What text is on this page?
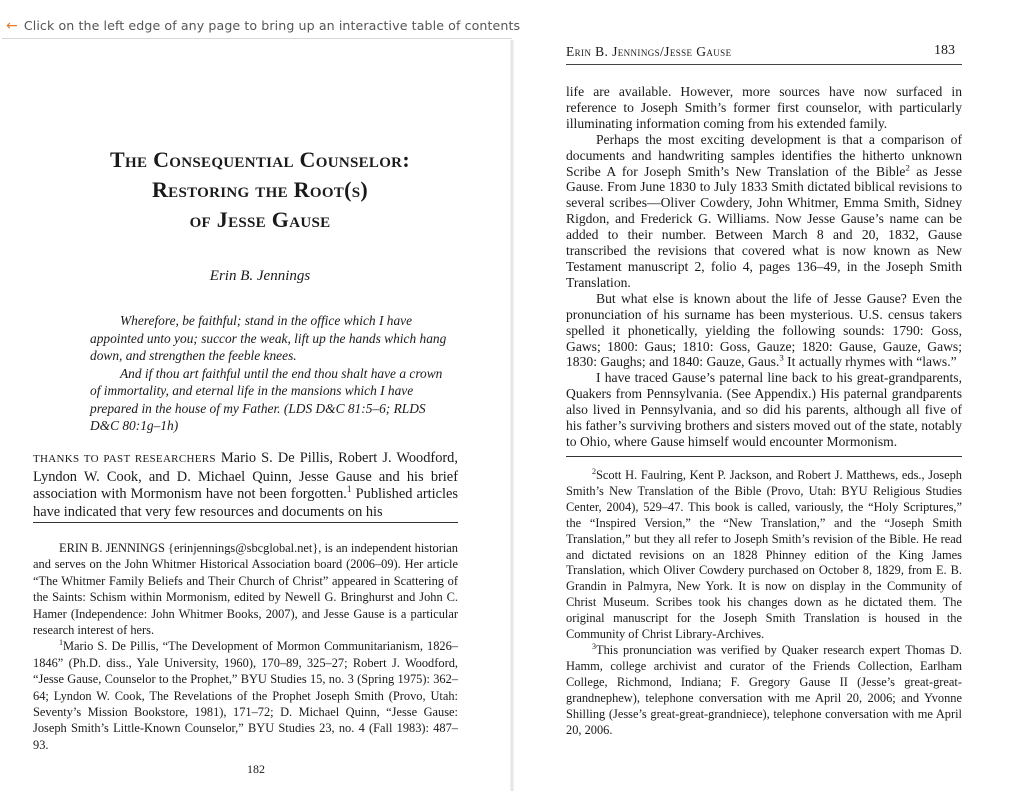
← Click on the left edge of any page to bring up an interactive table of contents
The Consequential Counselor:
Restoring the Root(s)
of Jesse Gause
Erin B. Jennings

Wherefore, be faithful; stand in the office which I have appointed unto you; succor the weak, lift up the hands which hang down, and strengthen the feeble knees.

And if thou art faithful until the end thou shalt have a crown of immortality, and eternal life in the mansions which I have prepared in the house of my Father. (LDS D&C 81:5–6; RLDS D&C 80:1g–1h)

THANKS TO PAST RESEARCHERS Mario S. De Pillis, Robert J. Woodford, Lyndon W. Cook, and D. Michael Quinn, Jesse Gause and his brief association with Mormonism have not been forgotten.$^1$ Published articles have indicated that very few resources and documents on his

ERIN B. JENNINGS {erinjennings@sbcglobal.net}, is an independent historian and serves on the John Whitmer Historical Association board (2006–09). Her article “The Whitmer Family Beliefs and Their Church of Christ” appeared in Scattering of the Saints: Schism within Mormonism, edited by Newell G. Bringhurst and John C. Hamer (Independence: John Whitmer Books, 2007), and Jesse Gause is a particular research interest of hers.

$^1$Mario S. De Pillis, “The Development of Mormon Communitarianism, 1826–1846” (Ph.D. diss., Yale University, 1960), 170–89, 325–27; Robert J. Woodford, “Jesse Gause, Counselor to the Prophet,” BYU Studies 15, no. 3 (Spring 1975): 362–64; Lyndon W. Cook, The Revelations of the Prophet Joseph Smith (Provo, Utah: Seventy’s Mission Bookstore, 1981), 171–72; D. Michael Quinn, “Jesse Gause: Joseph Smith’s Little-Known Counselor,” BYU Studies 23, no. 4 (Fall 1983): 487–93.

182
Erin B. Jennings/Jesse Gause	183

life are available. However, more sources have now surfaced in reference to Joseph Smith’s former first counselor, with particularly illuminating information coming from his extended family.

Perhaps the most exciting development is that a comparison of documents and handwriting samples identifies the hitherto unknown Scribe A for Joseph Smith’s New Translation of the Bible$^2$ as Jesse Gause. From June 1830 to July 1833 Smith dictated biblical revisions to several scribes—Oliver Cowdery, John Whitmer, Emma Smith, Sidney Rigdon, and Frederick G. Williams. Now Jesse Gause’s name can be added to their number. Between March 8 and 20, 1832, Gause transcribed the revisions that covered what is now known as New Testament manuscript 2, folio 4, pages 136–49, in the Joseph Smith Translation.

But what else is known about the life of Jesse Gause? Even the pronunciation of his surname has been mysterious. U.S. census takers spelled it phonetically, yielding the following sounds: 1790: Goss, Gaws; 1800: Gaus; 1810: Goss, Gauze; 1820: Gause, Gauze, Gaws; 1830: Gaughs; and 1840: Gauze, Gaus.$^3$ It actually rhymes with “laws.”

I have traced Gause’s paternal line back to his great-grandparents, Quakers from Pennsylvania. (See Appendix.) His paternal grandparents also lived in Pennsylvania, and so did his parents, although all five of his father’s surviving brothers and sisters moved out of the state, notably to Ohio, where Gause himself would encounter Mormonism.

$^2$Scott H. Faulring, Kent P. Jackson, and Robert J. Matthews, eds., Joseph Smith’s New Translation of the Bible (Provo, Utah: BYU Religious Studies Center, 2004), 529–47. This book is called, variously, the “Holy Scriptures,” the “Inspired Version,” the “New Translation,” and the “Joseph Smith Translation,” but they all refer to Joseph Smith’s revision of the Bible. He read and dictated revisions on an 1828 Phinney edition of the King James Translation, which Oliver Cowdery purchased on October 8, 1829, from E. B. Grandin in Palmyra, New York. It is now on display in the Community of Christ Museum. Scribes took his changes down as he dictated them. The original manuscript for the Joseph Smith Translation is housed in the Community of Christ Library-Archives.

$^3$This pronunciation was verified by Quaker research expert Thomas D. Hamm, college archivist and curator of the Friends Collection, Earlham College, Richmond, Indiana; F. Gregory Gause II (Jesse’s great-great-grandnephew), telephone conversation with me April 20, 2006; and Yvonne Shilling (Jesse’s great-great-grandniece), telephone conversation with me April 20, 2006.
